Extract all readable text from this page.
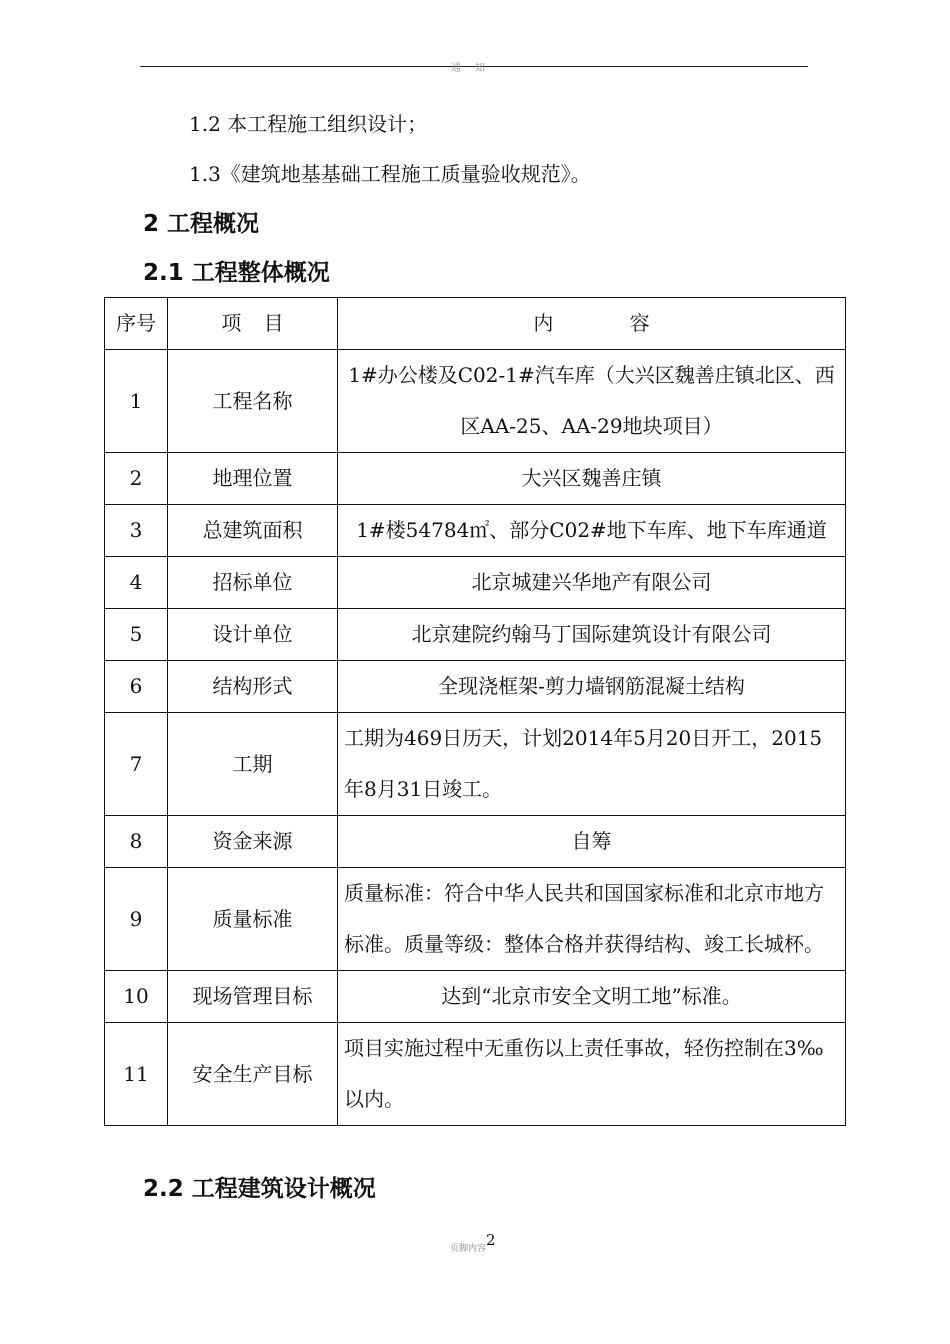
通知
1.2 本工程施工组织设计；
1.3《建筑地基基础工程施工质量验收规范》。
2 工程概况
2.1 工程整体概况
序号	项 目	内 容
1	工程名称	1#办公楼及C02-1#汽车库（大兴区魏善庄镇北区、西区AA-25、AA-29地块项目）
2	地理位置	大兴区魏善庄镇
3	总建筑面积	1#楼54784㎡、部分C02#地下车库、地下车库通道
4	招标单位	北京城建兴华地产有限公司
5	设计单位	北京建院约翰马丁国际建筑设计有限公司
6	结构形式	全现浇框架-剪力墙钢筋混凝土结构
7	工期	工期为469日历天，计划2014年5月20日开工，2015年8月31日竣工。
8	资金来源	自筹
9	质量标准	质量标准：符合中华人民共和国国家标准和北京市地方标准。质量等级：整体合格并获得结构、竣工长城杯。
10	现场管理目标	达到“北京市安全文明工地”标准。
11	安全生产目标	项目实施过程中无重伤以上责任事故，轻伤控制在3‰以内。
2.2 工程建筑设计概况
2
页脚内容
